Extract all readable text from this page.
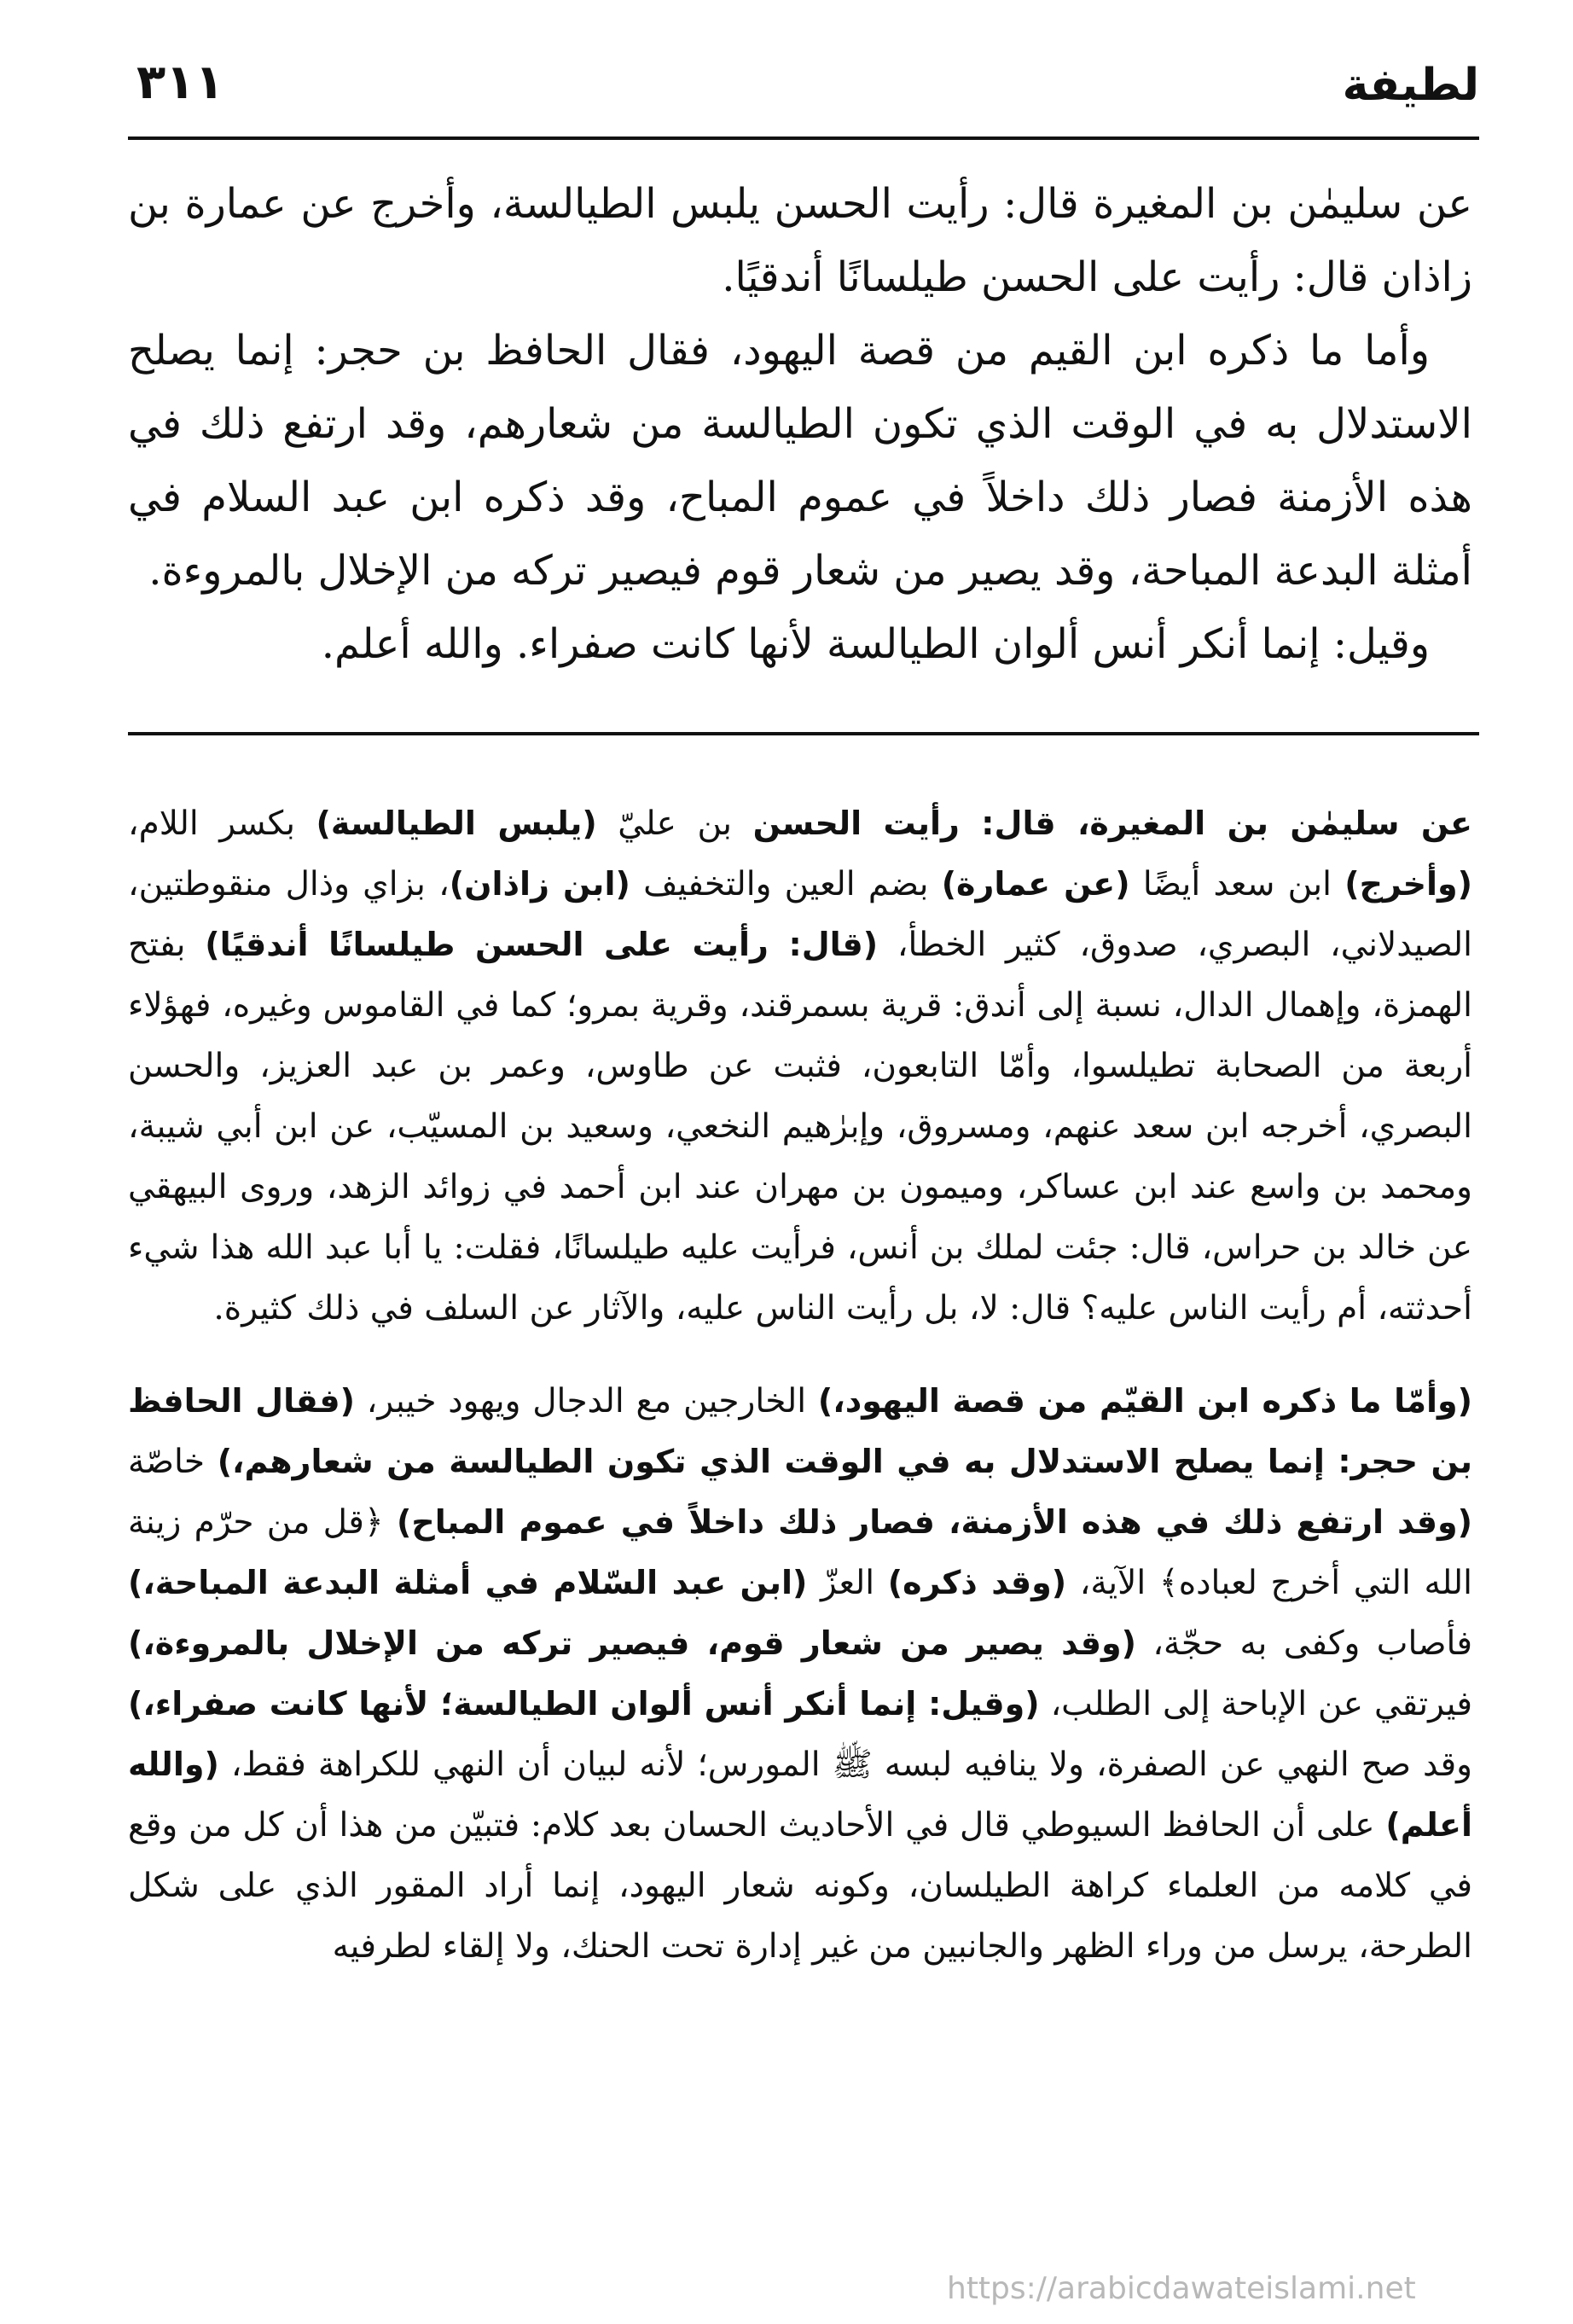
لطيفة
٣١١

عن سليمٰن بن المغيرة قال: رأيت الحسن يلبس الطيالسة، وأخرج عن عمارة بن زاذان قال: رأيت على الحسن طيلسانًا أندقيًا.

وأما ما ذكره ابن القيم من قصة اليهود، فقال الحافظ بن حجر: إنما يصلح الاستدلال به في الوقت الذي تكون الطيالسة من شعارهم، وقد ارتفع ذلك في هذه الأزمنة فصار ذلك داخلاً في عموم المباح، وقد ذكره ابن عبد السلام في أمثلة البدعة المباحة، وقد يصير من شعار قوم فيصير تركه من الإخلال بالمروءة.

وقيل: إنما أنكر أنس ألوان الطيالسة لأنها كانت صفراء. والله أعلم.

عن سليمٰن بن المغيرة، قال: رأيت الحسن بن عليّ (يلبس الطيالسة) بكسر اللام، (وأخرج) ابن سعد أيضًا (عن عمارة) بضم العين والتخفيف (ابن زاذان)، بزاي وذال منقوطتين، الصيدلاني، البصري، صدوق، كثير الخطأ، (قال: رأيت على الحسن طيلسانًا أندقيًا) بفتح الهمزة، وإهمال الدال، نسبة إلى أندق: قرية بسمرقند، وقرية بمرو؛ كما في القاموس وغيره، فهؤلاء أربعة من الصحابة تطيلسوا، وأمّا التابعون، فثبت عن طاوس، وعمر بن عبد العزيز، والحسن البصري، أخرجه ابن سعد عنهم، ومسروق، وإبرٰهيم النخعي، وسعيد بن المسيّب، عن ابن أبي شيبة، ومحمد بن واسع عند ابن عساكر، وميمون بن مهران عند ابن أحمد في زوائد الزهد، وروى البيهقي عن خالد بن حراس، قال: جئت لملك بن أنس، فرأيت عليه طيلسانًا، فقلت: يا أبا عبد الله هذا شيء أحدثته، أم رأيت الناس عليه؟ قال: لا، بل رأيت الناس عليه، والآثار عن السلف في ذلك كثيرة.

(وأمّا ما ذكره ابن القيّم من قصة اليهود،) الخارجين مع الدجال ويهود خيبر، (فقال الحافظ بن حجر: إنما يصلح الاستدلال به في الوقت الذي تكون الطيالسة من شعارهم،) خاصّة (وقد ارتفع ذلك في هذه الأزمنة، فصار ذلك داخلاً في عموم المباح) ﴿قل من حرّم زينة الله التي أخرج لعباده﴾ الآية، (وقد ذكره) العزّ (ابن عبد السّلام في أمثلة البدعة المباحة،) فأصاب وكفى به حجّة، (وقد يصير من شعار قوم، فيصير تركه من الإخلال بالمروءة،) فيرتقي عن الإباحة إلى الطلب، (وقيل: إنما أنكر أنس ألوان الطيالسة؛ لأنها كانت صفراء،) وقد صح النهي عن الصفرة، ولا ينافيه لبسه ﷺ المورس؛ لأنه لبيان أن النهي للكراهة فقط، (والله أعلم) على أن الحافظ السيوطي قال في الأحاديث الحسان بعد كلام: فتبيّن من هذا أن كل من وقع في كلامه من العلماء كراهة الطيلسان، وكونه شعار اليهود، إنما أراد المقور الذي على شكل الطرحة، يرسل من وراء الظهر والجانبين من غير إدارة تحت الحنك، ولا إلقاء لطرفيه

https://arabicdawateislami.net
